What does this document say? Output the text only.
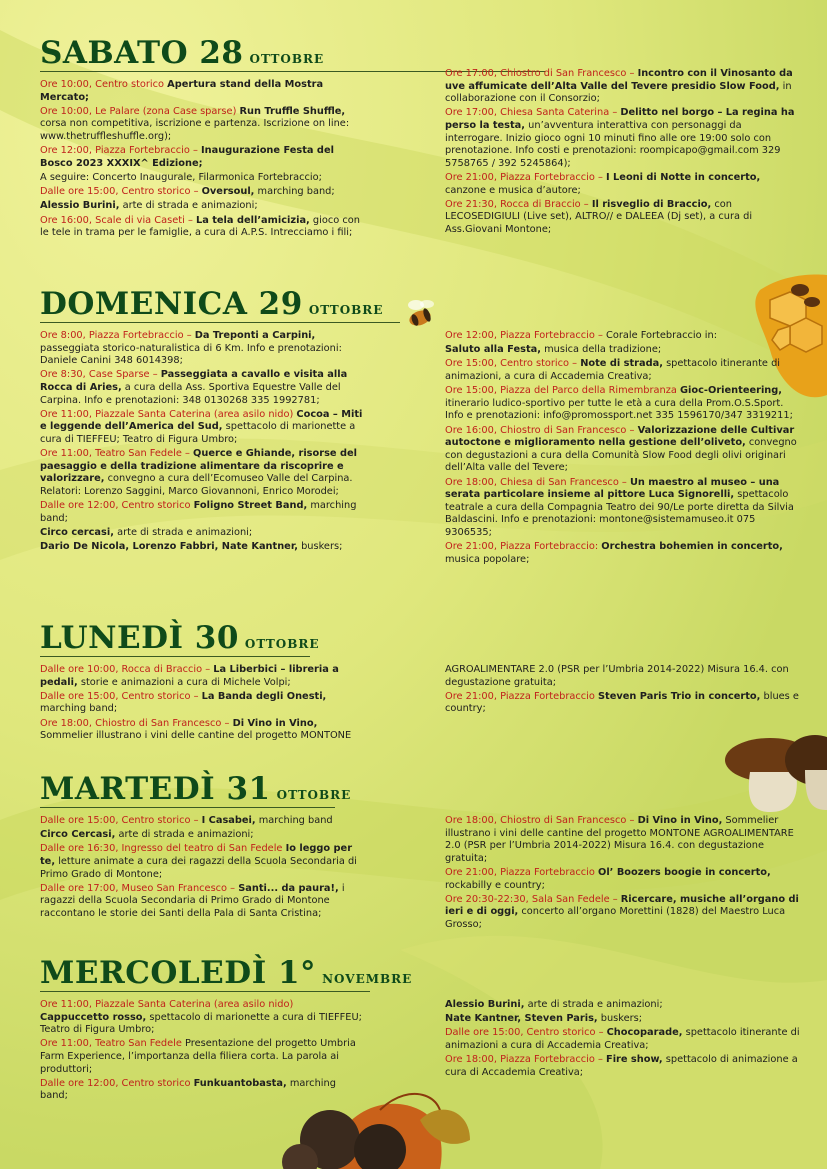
SABATO 28 OTTOBRE
Ore 10:00, Centro storico Apertura stand della Mostra Mercato;
Ore 10:00, Le Palare (zona Case sparse) Run Truffle Shuffle, corsa non competitiva, iscrizione e partenza. Iscrizione on line: www.thetruffleshuffle.org);
Ore 12:00, Piazza Fortebraccio – Inaugurazione Festa del Bosco 2023 XXXIX^ Edizione;
A seguire: Concerto Inaugurale, Filarmonica Fortebraccio;
Dalle ore 15:00, Centro storico – Oversoul, marching band;
Alessio Burini, arte di strada e animazioni;
Ore 16:00, Scale di via Caseti – La tela dell’amicizia, gioco con le tele in trama per le famiglie, a cura di A.P.S. Intrecciamo i fili;
Ore 17:00, Chiostro di San Francesco – Incontro con il Vinosanto da uve affumicate dell’Alta Valle del Tevere presidio Slow Food, in collaborazione con il Consorzio;
Ore 17:00, Chiesa Santa Caterina – Delitto nel borgo – La regina ha perso la testa, un’avventura interattiva con personaggi da interrogare. Inizio gioco ogni 10 minuti fino alle ore 19:00 solo con prenotazione. Info costi e prenotazioni: roompicapo@gmail.com 329 5758765 / 392 5245864);
Ore 21:00, Piazza Fortebraccio – I Leoni di Notte in concerto, canzone e musica d’autore;
Ore 21:30, Rocca di Braccio – Il risveglio di Braccio, con LECOSEDIGIULI (Live set), ALTRO// e DALEEA (Dj set), a cura di Ass.Giovani Montone;
DOMENICA 29 OTTOBRE
Ore 8:00, Piazza Fortebraccio – Da Treponti a Carpini, passeggiata storico-naturalistica di 6 Km. Info e prenotazioni: Daniele Canini 348 6014398;
Ore 8:30, Case Sparse – Passeggiata a cavallo e visita alla Rocca di Aries, a cura della Ass. Sportiva Equestre Valle del Carpina. Info e prenotazioni: 348 0130268 335 1992781;
Ore 11:00, Piazzale Santa Caterina (area asilo nido) Cocoa – Miti e leggende dell’America del Sud, spettacolo di marionette a cura di TIEFFEU; Teatro di Figura Umbro;
Ore 11:00, Teatro San Fedele – Querce e Ghiande, risorse del paesaggio e della tradizione alimentare da riscoprire e valorizzare, convegno a cura dell’Ecomuseo Valle del Carpina. Relatori: Lorenzo Saggini, Marco Giovannoni, Enrico Morodei;
Dalle ore 12:00, Centro storico Foligno Street Band, marching band;
Circo cercasi, arte di strada e animazioni;
Dario De Nicola, Lorenzo Fabbri, Nate Kantner, buskers;
Ore 12:00, Piazza Fortebraccio – Corale Fortebraccio in:
Saluto alla Festa, musica della tradizione;
Ore 15:00, Centro storico – Note di strada, spettacolo itinerante di animazioni, a cura di Accademia Creativa;
Ore 15:00, Piazza del Parco della Rimembranza Gioc-Orienteering, itinerario ludico-sportivo per tutte le età a cura della Prom.O.S.Sport. Info e prenotazioni: info@promossport.net 335 1596170/347 3319211;
Ore 16:00, Chiostro di San Francesco – Valorizzazione delle Cultivar autoctone e miglioramento nella gestione dell’oliveto, convegno con degustazioni a cura della Comunità Slow Food degli olivi originari dell’Alta valle del Tevere;
Ore 18:00, Chiesa di San Francesco – Un maestro al museo – una serata particolare insieme al pittore Luca Signorelli, spettacolo teatrale a cura della Compagnia Teatro dei 90/Le porte diretta da Silvia Baldascini. Info e prenotazioni: montone@sistemamuseo.it 075 9306535;
Ore 21:00, Piazza Fortebraccio: Orchestra bohemien in concerto, musica popolare;
LUNEDÌ 30 OTTOBRE
Dalle ore 10:00, Rocca di Braccio – La Liberbici – libreria a pedali, storie e animazioni a cura di Michele Volpi;
Dalle ore 15:00, Centro storico – La Banda degli Onesti, marching band;
Ore 18:00, Chiostro di San Francesco – Di Vino in Vino, Sommelier illustrano i vini delle cantine del progetto MONTONE
AGROALIMENTARE 2.0 (PSR per l’Umbria 2014-2022) Misura 16.4. con degustazione gratuita;
Ore 21:00, Piazza Fortebraccio Steven Paris Trio in concerto, blues e country;
MARTEDÌ 31 OTTOBRE
Dalle ore 15:00, Centro storico – I Casabei, marching band
Circo Cercasi, arte di strada e animazioni;
Dalle ore 16:30, Ingresso del teatro di San Fedele Io leggo per te, letture animate a cura dei ragazzi della Scuola Secondaria di Primo Grado di Montone;
Dalle ore 17:00, Museo San Francesco – Santi... da paura!, i ragazzi della Scuola Secondaria di Primo Grado di Montone raccontano le storie dei Santi della Pala di Santa Cristina;
Ore 18:00, Chiostro di San Francesco – Di Vino in Vino, Sommelier illustrano i vini delle cantine del progetto MONTONE AGROALIMENTARE 2.0 (PSR per l’Umbria 2014-2022) Misura 16.4. con degustazione gratuita;
Ore 21:00, Piazza Fortebraccio Ol’ Boozers boogie in concerto, rockabilly e country;
Ore 20:30-22:30, Sala San Fedele – Ricercare, musiche all’organo di ieri e di oggi, concerto all’organo Morettini (1828) del Maestro Luca Grosso;
MERCOLEDÌ 1° NOVEMBRE
Ore 11:00, Piazzale Santa Caterina (area asilo nido) Cappuccetto rosso, spettacolo di marionette a cura di TIEFFEU; Teatro di Figura Umbro;
Ore 11:00, Teatro San Fedele Presentazione del progetto Umbria Farm Experience, l’importanza della filiera corta. La parola ai produttori;
Dalle ore 12:00, Centro storico Funkuantobasta, marching band;
Alessio Burini, arte di strada e animazioni;
Nate Kantner, Steven Paris, buskers;
Dalle ore 15:00, Centro storico – Chocoparade, spettacolo itinerante di animazioni a cura di Accademia Creativa;
Ore 18:00, Piazza Fortebraccio – Fire show, spettacolo di animazione a cura di Accademia Creativa;
